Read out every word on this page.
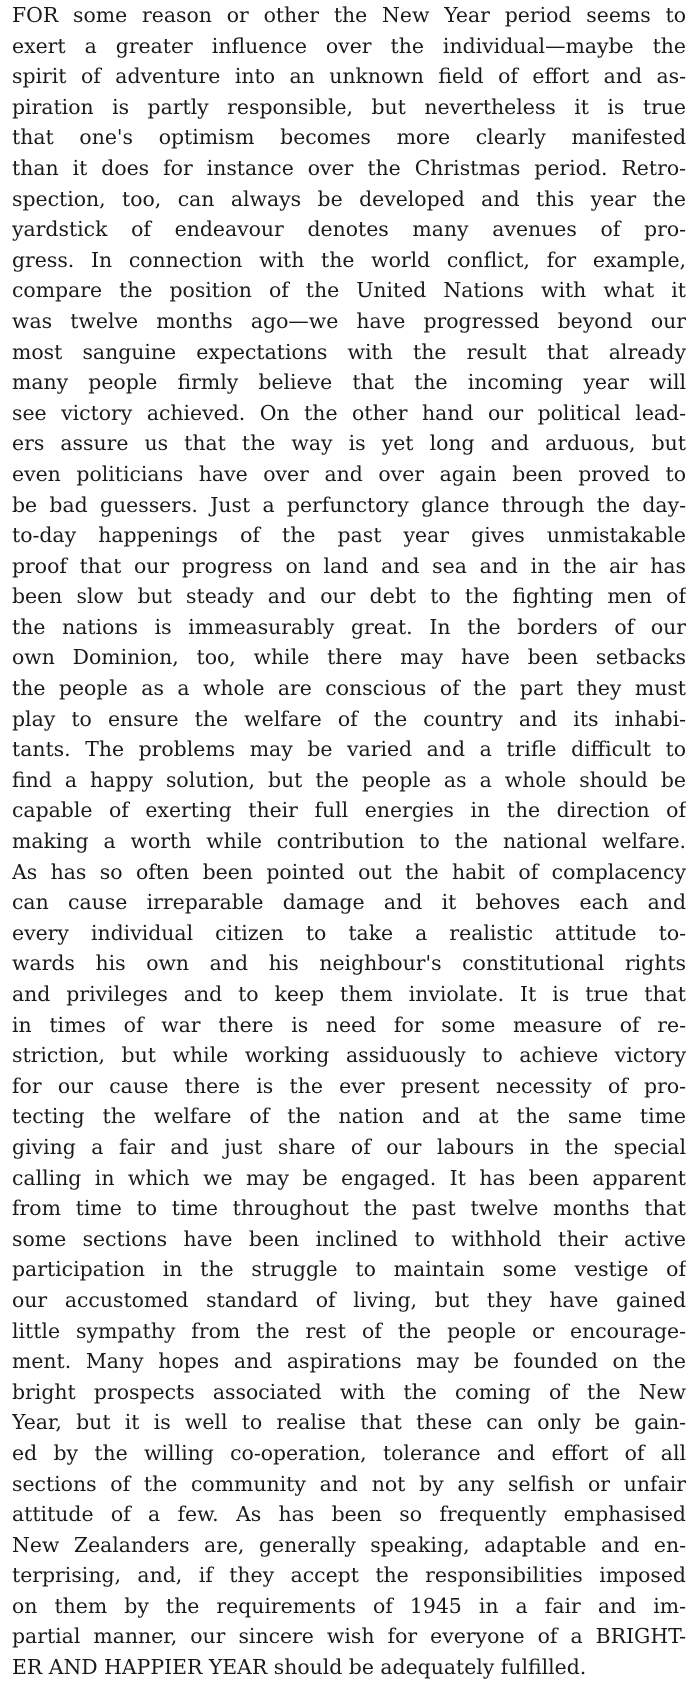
FOR some reason or other the New Year period seems to
exert a greater influence over the individual—maybe the
spirit of adventure into an unknown field of effort and as-
piration is partly responsible, but nevertheless it is true
that one's optimism becomes more clearly manifested
than it does for instance over the Christmas period. Retro-
spection, too, can always be developed and this year the
yardstick of endeavour denotes many avenues of pro-
gress. In connection with the world conflict, for example,
compare the position of the United Nations with what it
was twelve months ago—we have progressed beyond our
most sanguine expectations with the result that already
many people firmly believe that the incoming year will
see victory achieved. On the other hand our political lead-
ers assure us that the way is yet long and arduous, but
even politicians have over and over again been proved to
be bad guessers. Just a perfunctory glance through the day-
to-day happenings of the past year gives unmistakable
proof that our progress on land and sea and in the air has
been slow but steady and our debt to the fighting men of
the nations is immeasurably great. In the borders of our
own Dominion, too, while there may have been setbacks
the people as a whole are conscious of the part they must
play to ensure the welfare of the country and its inhabi-
tants. The problems may be varied and a trifle difficult to
find a happy solution, but the people as a whole should be
capable of exerting their full energies in the direction of
making a worth while contribution to the national welfare.
As has so often been pointed out the habit of complacency
can cause irreparable damage and it behoves each and
every individual citizen to take a realistic attitude to-
wards his own and his neighbour's constitutional rights
and privileges and to keep them inviolate. It is true that
in times of war there is need for some measure of re-
striction, but while working assiduously to achieve victory
for our cause there is the ever present necessity of pro-
tecting the welfare of the nation and at the same time
giving a fair and just share of our labours in the special
calling in which we may be engaged. It has been apparent
from time to time throughout the past twelve months that
some sections have been inclined to withhold their active
participation in the struggle to maintain some vestige of
our accustomed standard of living, but they have gained
little sympathy from the rest of the people or encourage-
ment. Many hopes and aspirations may be founded on the
bright prospects associated with the coming of the New
Year, but it is well to realise that these can only be gain-
ed by the willing co-operation, tolerance and effort of all
sections of the community and not by any selfish or unfair
attitude of a few. As has been so frequently emphasised
New Zealanders are, generally speaking, adaptable and en-
terprising, and, if they accept the responsibilities imposed
on them by the requirements of 1945 in a fair and im-
partial manner, our sincere wish for everyone of a BRIGHT-
ER AND HAPPIER YEAR should be adequately fulfilled.
